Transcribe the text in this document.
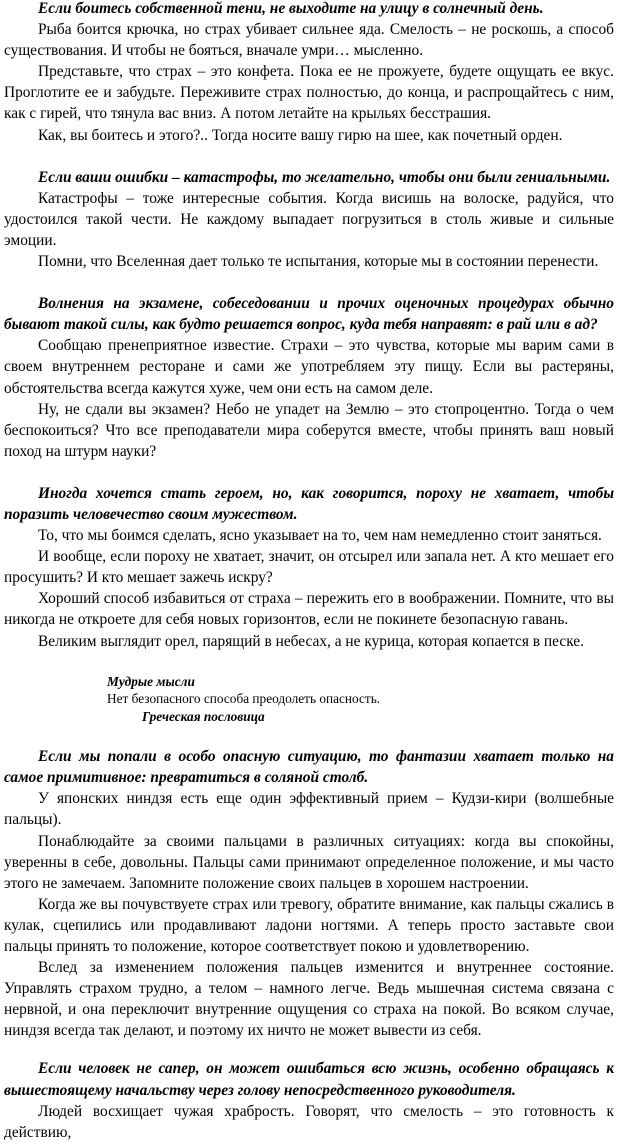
Если боитесь собственной тени, не выходите на улицу в солнечный день.

Рыба боится крючка, но страх убивает сильнее яда. Смелость – не роскошь, а способ существования. И чтобы не бояться, вначале умри… мысленно.

Представьте, что страх – это конфета. Пока ее не прожуете, будете ощущать ее вкус. Проглотите ее и забудьте. Переживите страх полностью, до конца, и распрощайтесь с ним, как с гирей, что тянула вас вниз. А потом летайте на крыльях бесстрашия.

Как, вы боитесь и этого?.. Тогда носите вашу гирю на шее, как почетный орден.

Если ваши ошибки – катастрофы, то желательно, чтобы они были гениальными.

Катастрофы – тоже интересные события. Когда висишь на волоске, радуйся, что удостоился такой чести. Не каждому выпадает погрузиться в столь живые и сильные эмоции.

Помни, что Вселенная дает только те испытания, которые мы в состоянии перенести.

Волнения на экзамене, собеседовании и прочих оценочных процедурах обычно бывают такой силы, как будто решается вопрос, куда тебя направят: в рай или в ад?

Сообщаю пренеприятное известие. Страхи – это чувства, которые мы варим сами в своем внутреннем ресторане и сами же употребляем эту пищу. Если вы растеряны, обстоятельства всегда кажутся хуже, чем они есть на самом деле.

Ну, не сдали вы экзамен? Небо не упадет на Землю – это стопроцентно. Тогда о чем беспокоиться? Что все преподаватели мира соберутся вместе, чтобы принять ваш новый поход на штурм науки?

Иногда хочется стать героем, но, как говорится, пороху не хватает, чтобы поразить человечество своим мужеством.

То, что мы боимся сделать, ясно указывает на то, чем нам немедленно стоит заняться.

И вообще, если пороху не хватает, значит, он отсырел или запала нет. А кто мешает его просушить? И кто мешает зажечь искру?

Хороший способ избавиться от страха – пережить его в воображении. Помните, что вы никогда не откроете для себя новых горизонтов, если не покинете безопасную гавань.

Великим выглядит орел, парящий в небесах, а не курица, которая копается в песке.

Мудрые мысли
Нет безопасного способа преодолеть опасность.
Греческая пословица

Если мы попали в особо опасную ситуацию, то фантазии хватает только на самое примитивное: превратиться в соляной столб.

У японских ниндзя есть еще один эффективный прием – Кудзи-кири (волшебные пальцы).

Понаблюдайте за своими пальцами в различных ситуациях: когда вы спокойны, уверенны в себе, довольны. Пальцы сами принимают определенное положение, и мы часто этого не замечаем. Запомните положение своих пальцев в хорошем настроении.

Когда же вы почувствуете страх или тревогу, обратите внимание, как пальцы сжались в кулак, сцепились или продавливают ладони ногтями. А теперь просто заставьте свои пальцы принять то положение, которое соответствует покою и удовлетворению.

Вслед за изменением положения пальцев изменится и внутреннее состояние. Управлять страхом трудно, а телом – намного легче. Ведь мышечная система связана с нервной, и она переключит внутренние ощущения со страха на покой. Во всяком случае, ниндзя всегда так делают, и поэтому их ничто не может вывести из себя.

Если человек не сапер, он может ошибаться всю жизнь, особенно обращаясь к вышестоящему начальству через голову непосредственного руководителя.

Людей восхищает чужая храбрость. Говорят, что смелость – это готовность к действию,
